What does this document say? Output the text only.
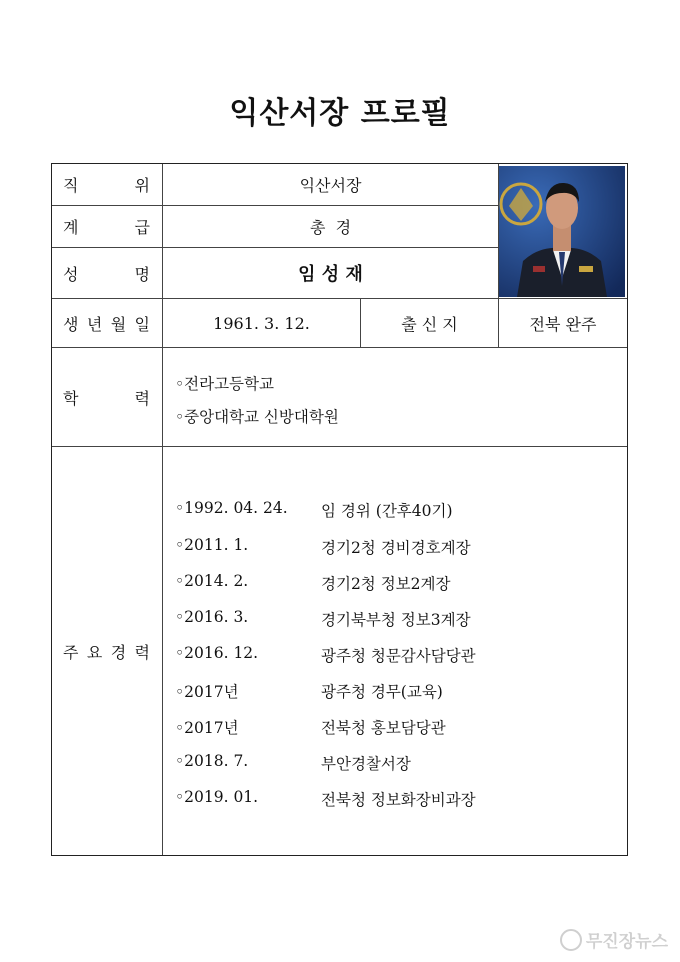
익산서장 프로필
직	위	익산서장
계	급	총  경
성	명	임 성 재
생 년 월 일	1961. 3. 12.	출 신 지	전북 완주
학	력
◦전라고등학교
◦중앙대학교 신방대학원
주 요 경 력
◦1992. 04. 24. 임 경위 (간후40기)
◦2011. 1.	경기2청 경비경호계장
◦2014. 2.	경기2청 정보2계장
◦2016. 3.	경기북부청 정보3계장
◦2016. 12.	광주청 청문감사담당관
◦2017년	광주청 경무(교육)
◦2017년	전북청 홍보담당관
◦2018. 7.	부안경찰서장
◦2019. 01.	전북청 정보화장비과장
무진장뉴스
